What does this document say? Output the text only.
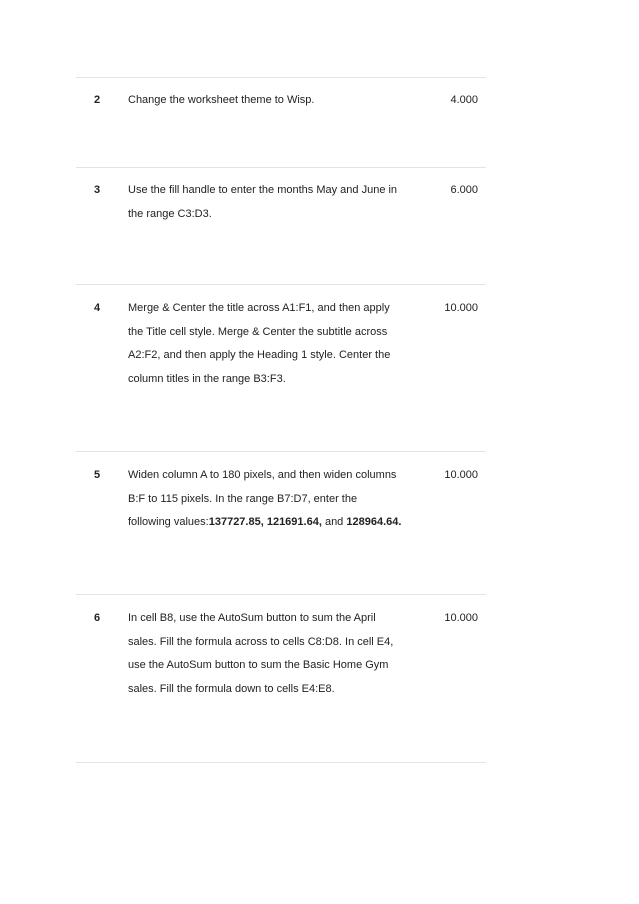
2	Change the worksheet theme to Wisp.	4.000
3	Use the fill handle to enter the months May and June in
the range C3:D3.
6.000
4	Merge & Center the title across A1:F1, and then apply
the Title cell style. Merge & Center the subtitle across
A2:F2, and then apply the Heading 1 style. Center the
column titles in the range B3:F3.
10.000
5	Widen column A to 180 pixels, and then widen columns
B:F to 115 pixels. In the range B7:D7, enter the
following values:137727.85, 121691.64, and 128964.64.
10.000
6	In cell B8, use the AutoSum button to sum the April
sales. Fill the formula across to cells C8:D8. In cell E4,
use the AutoSum button to sum the Basic Home Gym
sales. Fill the formula down to cells E4:E8.
10.000
